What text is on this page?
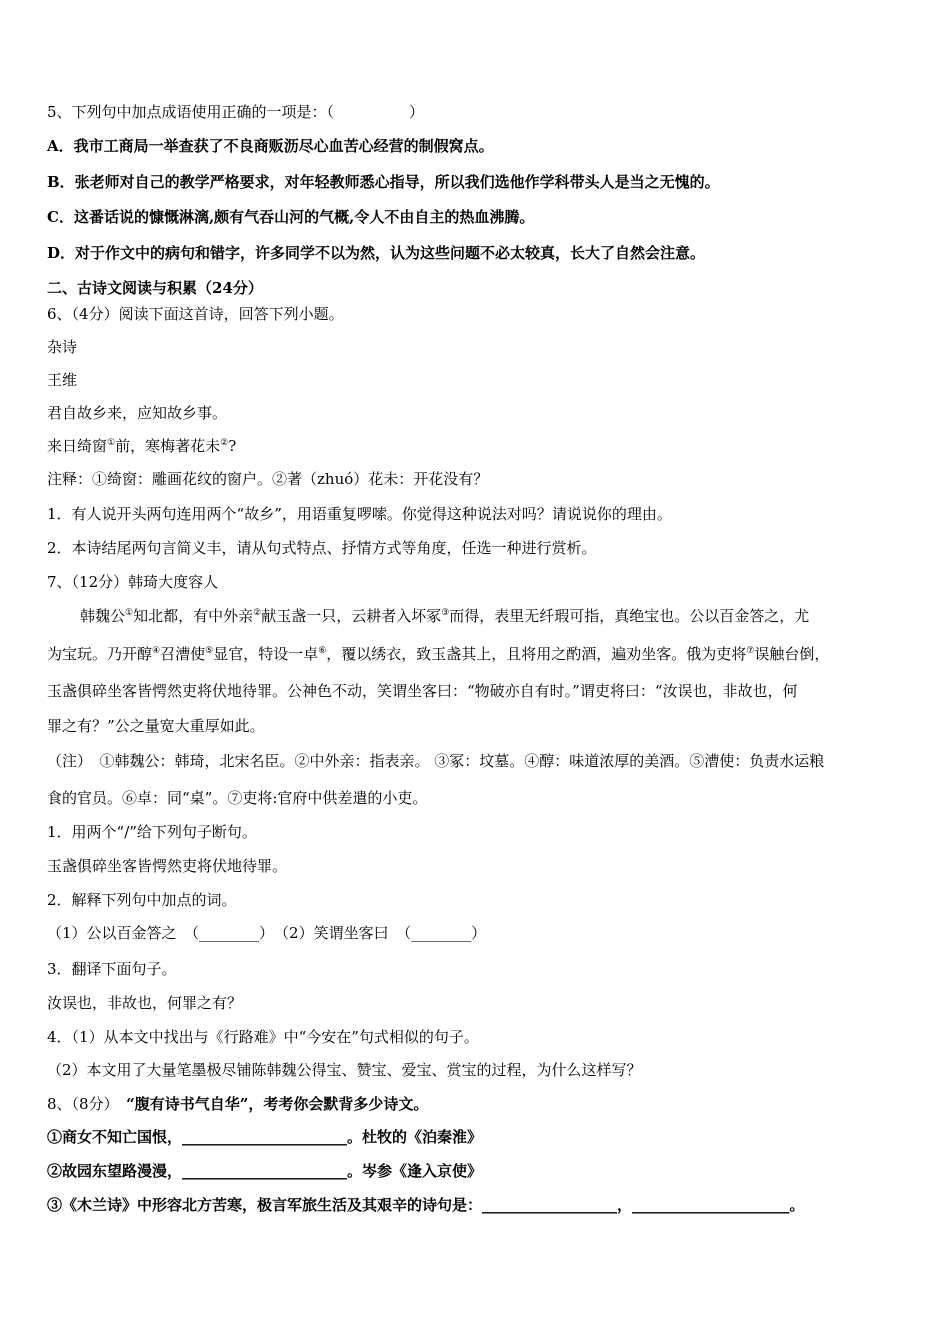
5、下列句中加点成语使用正确的一项是：（　　　　　）
A．我市工商局一举查获了不良商贩沥尽心血苦心经营的制假窝点。
B．张老师对自己的教学严格要求，对年轻教师悉心指导，所以我们选他作学科带头人是当之无愧的。
C．这番话说的慷慨淋漓,颇有气吞山河的气概,令人不由自主的热血沸腾。
D．对于作文中的病句和错字，许多同学不以为然，认为这些问题不必太较真，长大了自然会注意。
二、古诗文阅读与积累（24分）
6、（4分）阅读下面这首诗，回答下列小题。
杂诗
王维
君自故乡来，应知故乡事。
来日绮窗①前，寒梅著花未②?
注释：①绮窗：雕画花纹的窗户。②著（zhuó）花未：开花没有？
1．有人说开头两句连用两个“故乡”，用语重复啰嗦。你觉得这种说法对吗？请说说你的理由。
2．本诗结尾两句言简义丰，请从句式特点、抒情方式等角度，任选一种进行赏析。
7、（12分）韩琦大度容人
韩魏公①知北都，有中外亲②献玉盏一只，云耕者入坏冢③而得，表里无纤瑕可指，真绝宝也。公以百金答之，尤
为宝玩。乃开醇④召漕使⑤显官，特设一卓⑥，覆以绣衣，致玉盏其上，且将用之酌酒，遍劝坐客。俄为吏将⑦误触台倒，
玉盏俱碎坐客皆愕然吏将伏地待罪。公神色不动，笑谓坐客曰：“物破亦自有时。”谓吏将曰：“汝误也，非故也，何
罪之有？”公之量宽大重厚如此。
（注）　①韩魏公：韩琦，北宋名臣。②中外亲：指表亲。 ③冢：坟墓。④醇：味道浓厚的美酒。⑤漕使：负责水运粮
食的官员。⑥卓：同“桌”。⑦吏将:官府中供差遣的小吏。
1．用两个“/”给下列句子断句。
玉盏俱碎坐客皆愕然吏将伏地待罪。
2．解释下列句中加点的词。
（1）公以百金答之　（________）　（2）笑谓坐客曰　（________）
3．翻译下面句子。
汝误也，非故也，何罪之有？
4．（1）从本文中找出与《行路难》中“今安在”句式相似的句子。
（2）本文用了大量笔墨极尽铺陈韩魏公得宝、赞宝、爱宝、赏宝的过程，为什么这样写？
8、（8分）　 “腹有诗书气自华”，考考你会默背多少诗文。
①商女不知亡国恨，______________________。杜牧的《泊秦淮》
②故园东望路漫漫，______________________。岑参《逢入京使》
③《木兰诗》中形容北方苦寒，极言军旅生活及其艰辛的诗句是：__________________，_____________________。
